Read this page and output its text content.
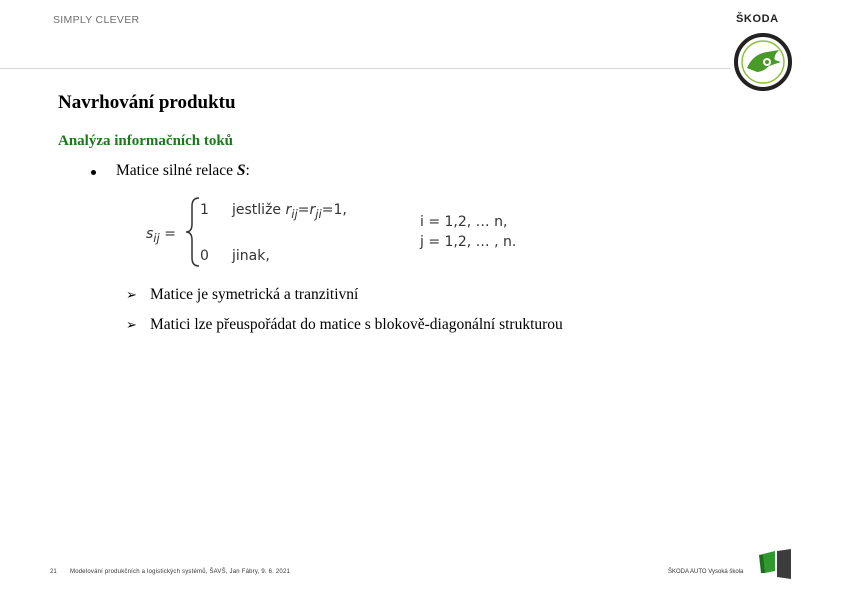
SIMPLY CLEVER	ŠKODA
Navrhování produktu
Analýza informačních toků
Matice silné relace S:
$s_{ij}$ =
1 jestliže $r_{ij}=r_{ji}=1$,
0 jinak,
i = 1,2, … n,
j = 1,2, … , n.
➢ Matice je symetrická a tranzitivní
➢ Matici lze přeuspořádat do matice s blokově-diagonální strukturou
21 Modelování produkčních a logistických systémů, ŠAVŠ, Jan Fábry, 9. 6. 2021	ŠKODA AUTO Vysoká škola
